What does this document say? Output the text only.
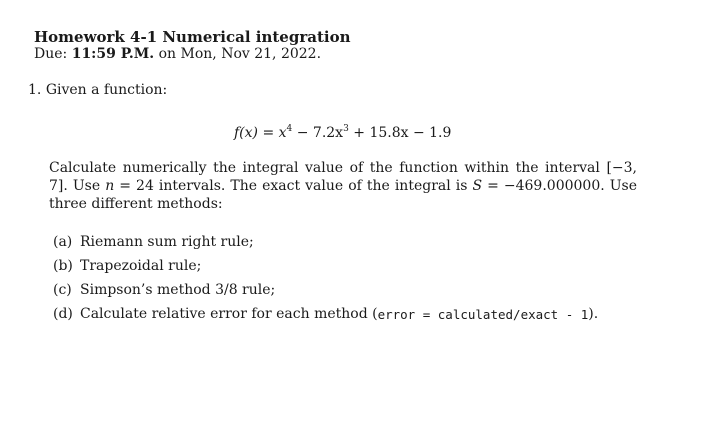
Homework 4-1 Numerical integration
Due: 11:59 P.M. on Mon, Nov 21, 2022.
1. Given a function:
$f(x) = x^4 - 7.2x^3 + 15.8x - 1.9$
Calculate numerically the integral value of the function within the interval [−3, 7]. Use n = 24 intervals. The exact value of the integral is S = −469.000000. Use three different methods:
(a) Riemann sum right rule;
(b) Trapezoidal rule;
(c) Simpson’s method 3/8 rule;
(d) Calculate relative error for each method ( error = calculated/exact - 1 ).
